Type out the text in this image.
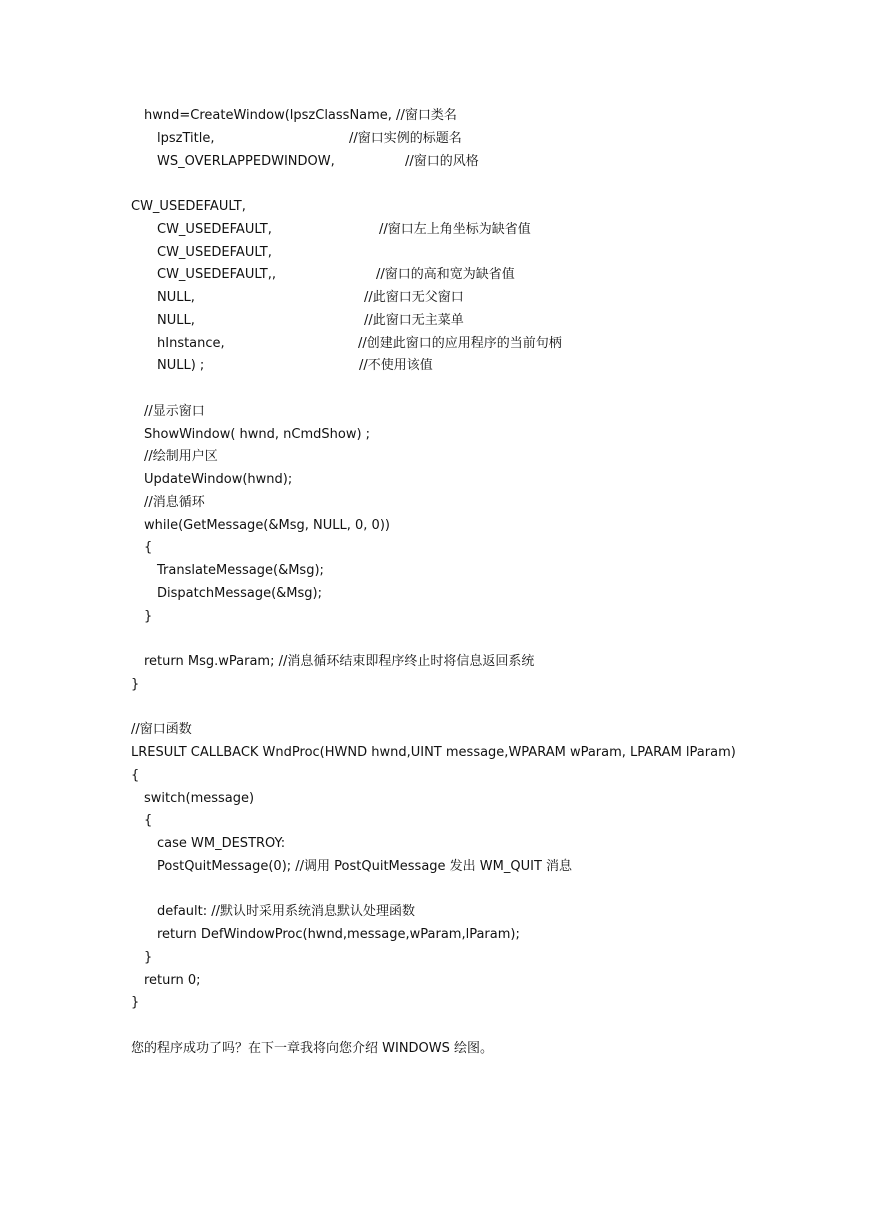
hwnd=CreateWindow(lpszClassName, //窗口类名
lpszTitle,	//窗口实例的标题名
WS_OVERLAPPEDWINDOW,	//窗口的风格
CW_USEDEFAULT,
CW_USEDEFAULT,	//窗口左上角坐标为缺省值
CW_USEDEFAULT,
CW_USEDEFAULT,,	//窗口的高和宽为缺省值
NULL,	//此窗口无父窗口
NULL,	//此窗口无主菜单
hInstance,	//创建此窗口的应用程序的当前句柄
NULL) ;	//不使用该值
//显示窗口
ShowWindow( hwnd, nCmdShow) ;
//绘制用户区
UpdateWindow(hwnd);
//消息循环
while(GetMessage(&Msg, NULL, 0, 0))
{
TranslateMessage(&Msg);
DispatchMessage(&Msg);
}
return Msg.wParam; //消息循环结束即程序终止时将信息返回系统
}
//窗口函数
LRESULT CALLBACK WndProc(HWND hwnd,UINT message,WPARAM wParam, LPARAM lParam)
{
switch(message)
{
case WM_DESTROY:
PostQuitMessage(0); //调用 PostQuitMessage 发出 WM_QUIT 消息
default: //默认时采用系统消息默认处理函数
return DefWindowProc(hwnd,message,wParam,lParam);
}
return 0;
}
您的程序成功了吗？在下一章我将向您介绍 WINDOWS 绘图。
